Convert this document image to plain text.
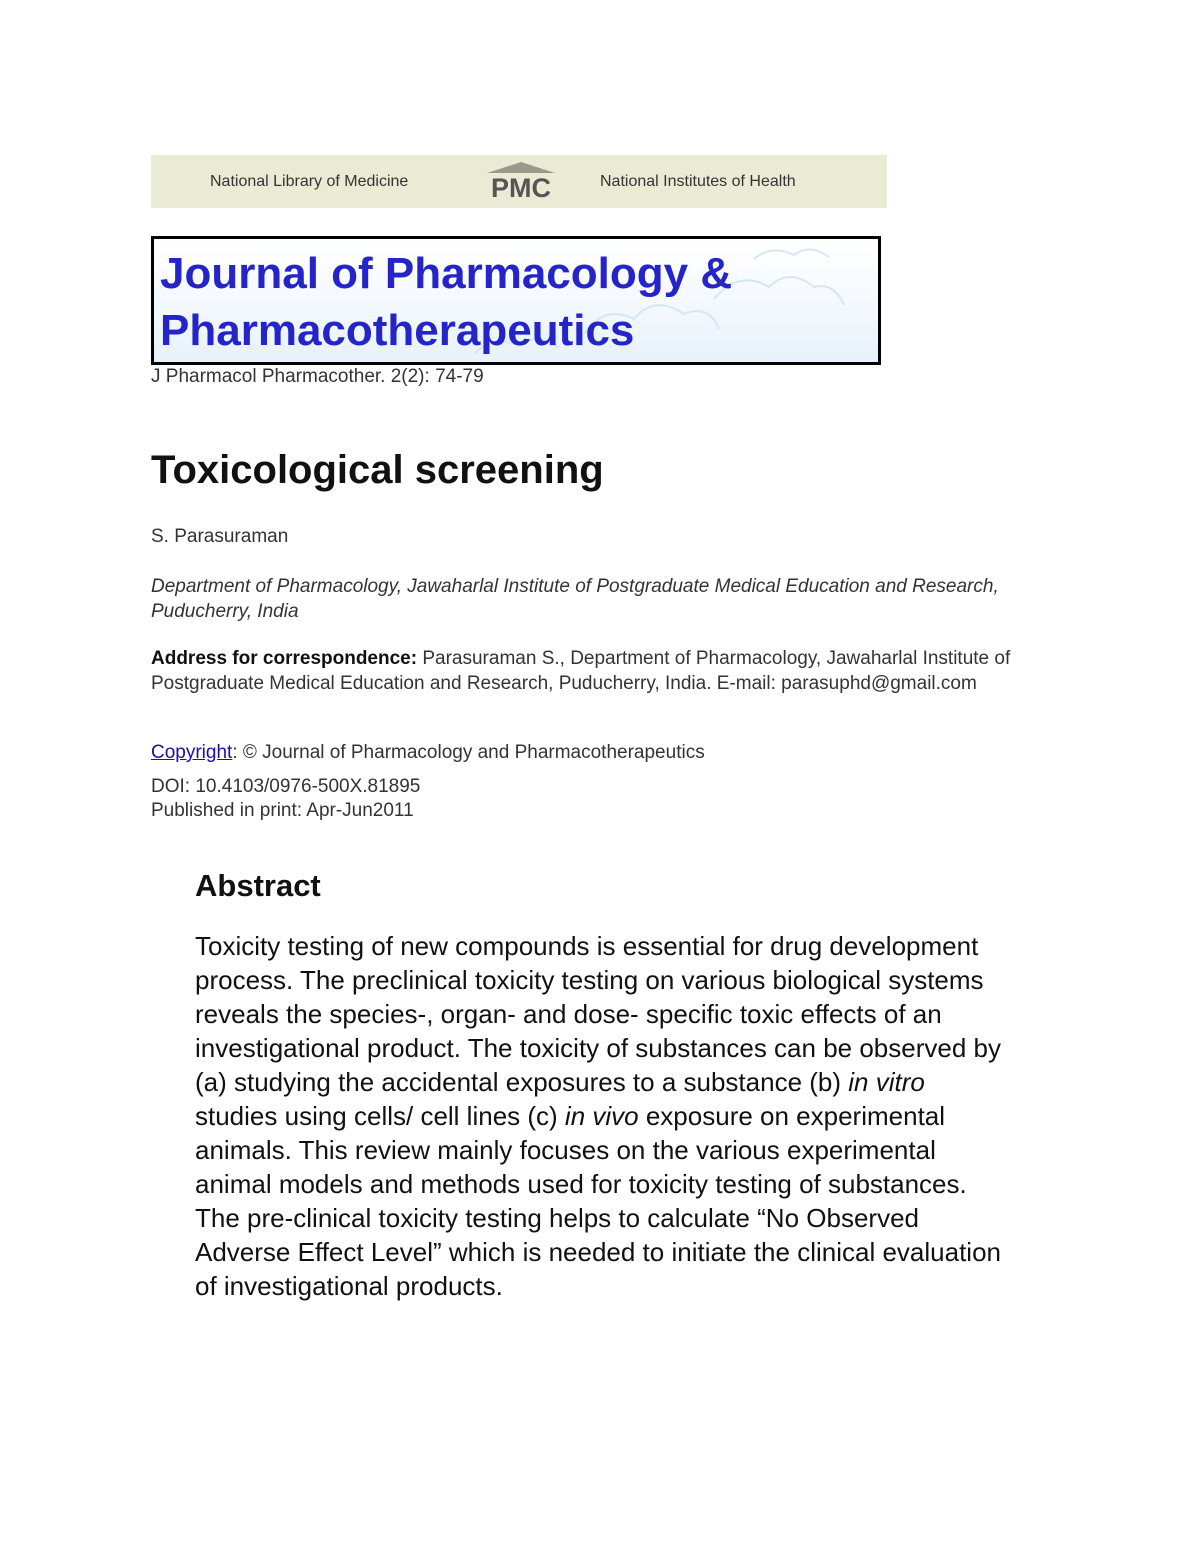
National Library of Medicine	PMC	National Institutes of Health
Journal of Pharmacology &
Pharmacotherapeutics
J Pharmacol Pharmacother. 2(2): 74-79
Toxicological screening
S. Parasuraman
Department of Pharmacology, Jawaharlal Institute of Postgraduate Medical Education and Research, Puducherry, India
Address for correspondence: Parasuraman S., Department of Pharmacology, Jawaharlal Institute of Postgraduate Medical Education and Research, Puducherry, India. E-mail: parasuphd@gmail.com
Copyright: © Journal of Pharmacology and Pharmacotherapeutics
DOI: 10.4103/0976-500X.81895
Published in print: Apr-Jun2011
Abstract
Toxicity testing of new compounds is essential for drug development process. The preclinical toxicity testing on various biological systems reveals the species-, organ- and dose- specific toxic effects of an investigational product. The toxicity of substances can be observed by (a) studying the accidental exposures to a substance (b) in vitro studies using cells/ cell lines (c) in vivo exposure on experimental animals. This review mainly focuses on the various experimental animal models and methods used for toxicity testing of substances. The pre-clinical toxicity testing helps to calculate “No Observed Adverse Effect Level” which is needed to initiate the clinical evaluation of investigational products.
